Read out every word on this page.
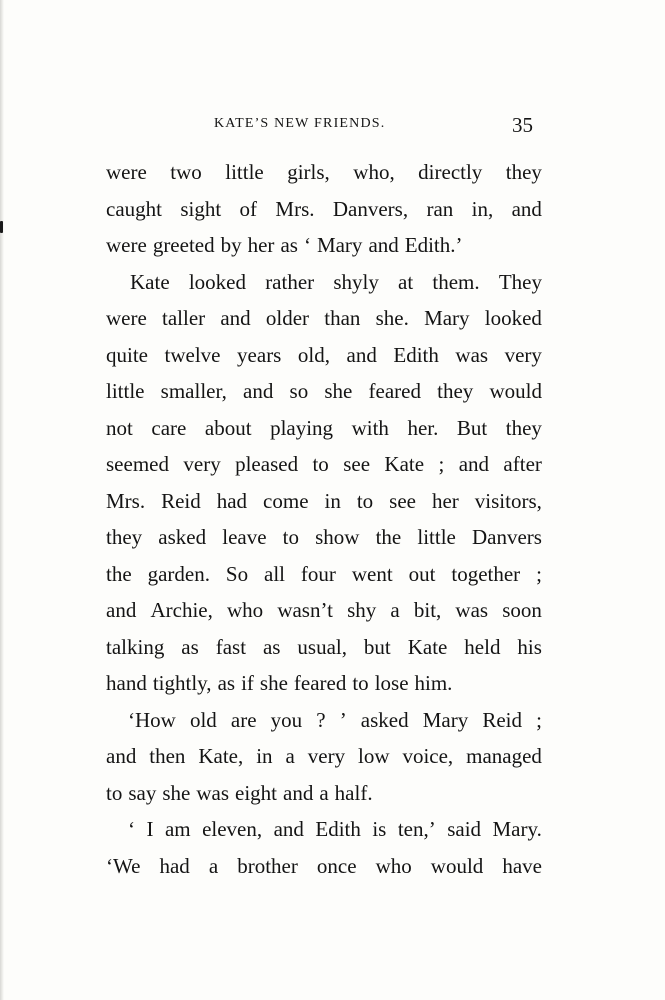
KATE’S NEW FRIENDS.	35
were two little girls, who, directly they
caught sight of Mrs. Danvers, ran in, and
were greeted by her as ‘ Mary and Edith.’
Kate looked rather shyly at them. They
were taller and older than she. Mary looked
quite twelve years old, and Edith was very
little smaller, and so she feared they would
not care about playing with her. But they
seemed very pleased to see Kate ; and after
Mrs. Reid had come in to see her visitors,
they asked leave to show the little Danvers
the garden. So all four went out together ;
and Archie, who wasn’t shy a bit, was soon
talking as fast as usual, but Kate held his
hand tightly, as if she feared to lose him.
‘How old are you ? ’ asked Mary Reid ;
and then Kate, in a very low voice, managed
to say she was eight and a half.
‘ I am eleven, and Edith is ten,’ said Mary.
‘We had a brother once who would have
